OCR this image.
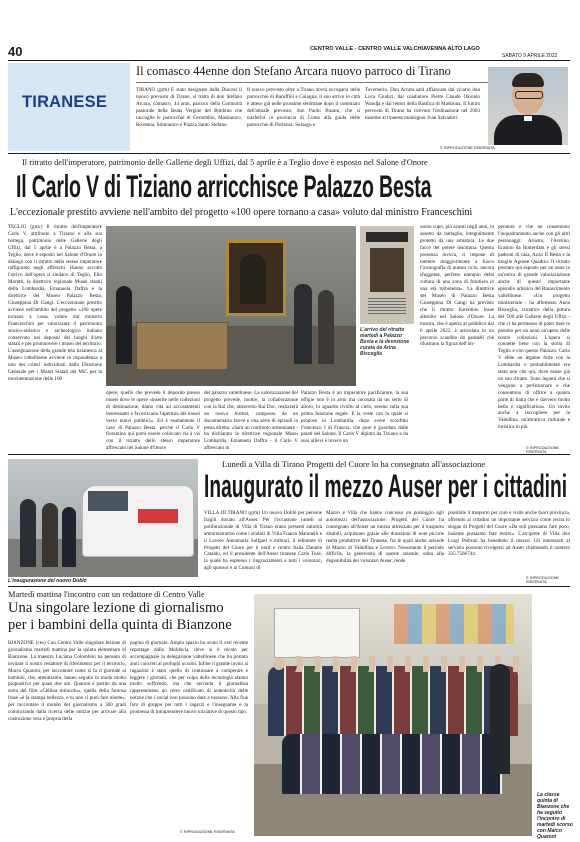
40	CENTRO VALLE - CENTRO VALLE VALCHIAVENNA ALTO LAGO
SABATO 9 APRILE 2022
TIRANESE
Il comasco 44enne don Stefano Arcara nuovo parroco di Tirano
TIRANO (grm) È stato designato dalla Diocesi il nuovo prevosto di Tirano, si tratta di don Stefano Arcara, comasco, 44 anni, parroco della Comunità pastorale della Beata Vergine del Bobbino che raccoglie le parrocchie di Cernobbio, Maslianico, Rovenna, Stimianico e Piazza Santo Stefano.
Il nuovo prevosto oltre a Tirano dovrà occuparsi delle parrocchie di Baruffini e Cologna, il suo arrivo in città è atteso già nelle prossime settimane dopo il commiato dell'attuale prevosto, don Paolo Busato, che si trasferirà in provincia di Como alla guida delle parrocchie di Porlezza, Solzago e
Tavernerio. Don Arcara sarà affiancato dal vicario don Luca Giudici, dal coadiutore Pierre Claude Okondo Wandja e dai rettori della Basilica di Madonna. Il futuro prevosto di Tirano ha ricevuto l'ordinazione nel 2003 insieme al tiranese monsignor Ivan Salvadori.
© RIPRODUZIONE RISERVATA
Il ritratto dell'imperatore, patrimonio delle Gallerie degli Uffizi, dal 5 aprile è a Teglio dove è esposto nel Salone d'Onore
Il Carlo V di Tiziano arricchisce Palazzo Besta
L'eccezionale prestito avviene nell'ambito del progetto «100 opere tornano a casa» voluto dal ministro Franceschini
TEGLIO (gmc) Il ritratto dell'imperatore Carlo V, attribuito a Tiziano e alla sua bottega, patrimonio delle Gallerie degli Uffizi, dal 5 aprile è a Palazzo Besta, a Teglio, dove è esposto nel Salone d'Onore in dialogo con il ritratto dello stesso imperatore raffigurato negli affreschi. Hanno accolto l'arrivo dell'opera il sindaco di Teglio, Elio Moretti, la direttrice regionale Musei statali della Lombardia, Emanuela Daffra e la direttrice del Museo Palazzo Besta, Giuseppina Di Gangi. L'eccezionale prestito avviene nell'ambito del progetto «100 opere tornano a casa» voluto dal ministro Franceschini per valorizzare il patrimonio storico-artistico e archeologico italiano conservato nei depositi dei luoghi d'arte statali e per promuovere i musei del territorio. L'assegnazione della grande tela tizianesca al Museo valtellinese avviene in rispondenza a uno dei criteri individuati dalla Direzione Generale per i Musei Statali del MiC per la movimentazione delle 100
opere, quello che prevede il deposito presso musei dove le opere «inserite nelle collezioni di destinazione, diano vita ad accostamenti interessanti e favoriscano l'apertura dei musei verso nuovi pubblici». Ed è esattamente il caso di Palazzo Besta, perché il Carlo V fiorentino qui potrà essere collocato vis à vis con il ritratto dello stesso imperatore affrescato nel Salone d'Onore
del palazzo valtellinese. La valorizzazione del progetto prevede, inoltre, la collaborazione con la Rai che, attraverso Rai Doc, realizzerà un nuovo format, composto da un documentario breve e una serie di episodi in presa diretta. «Sarà un confronto armoniante - ha dichiarato la direttrice regionale Musei Lombardia, Emanuela Daffra - il Carlo V affrescato in
L'arrivo del ritratto martedì a Palazzo Besta e la devozione curata da Anna Bisceglia
Palazzo Besta è un imperatore pacificatore, la sua effigie non è in armi ma coronata da un serto di alloro, lo sguardo rivolto al cielo, sereno sulla sua prima funzione regale. E la veste con la quale si propose in Lombardia, dopo avere sconfitto Francesco I di Francia, che pure è guardata dalle pareti del Salone. Il Carlo V dipinto da Tiziano e da suoi allievi è invece un
uomo cupo, più avanti negli anni, in assetto da battaglia, integralmente protetto da una armatura. Le due facce del potere insomma. Questa presenza invoca, ci impone di mettere maggiormente a fuoco l'iconografia di questo ciclo, ancora sfuggente, perfetto esempio della cultura di una zona di frontiera in una età turbolenta». La direttrice del Museo di Palazzo Besta Giuseppina Di Gangi ha previsto che il ritratto fiorentino fosse allestito nel Salone d'Onore. La mostra, che è aperta al pubblico dal 6 aprile 2022, è articolata in un percorso scandito da pannelli che illustrano la figura dell'im-
peratore e che ne consentono l'inquadramento anche con gli altri personaggi: Ariosto, l'Aretino, Erasmo da Rotterdam e gli stessi padroni di casa, Azzo II Besta e la moglie Agnese Quadrio. Il ritratto prestato qui esposto per un anno in un'ottica di grande valorizzazione anche di questo importante episodio artistico del Rinascimento valtellinese. «Un progetto ministeriale - ha affermato Anna Bisceglia, curatrice della pittura del '500 alle Gallerie degli Uffizi - che ci ha permesso di poter dare in prestito per un anno un'opera delle nostre collezioni. L'opera si connette bene con la storia di Teglio e con questo Palazzo. Carlo V ebbe un legame forte con la Lombardia e probabilmente era stato uno che qui, dove esiste già un suo ritratto. Sono legami che si vengono a perfezionare e che consentono di offrire a quanta parte di Italia che è davvero molto bella e significativa». Un invito anche a raccogliere per la Valtellina, un'attrattiva culturale e turistica in più.
© RIPRODUZIONE RISERVATA
L'inaugurazione del nuovo Doblò
Lunedì a Villa di Tirano Progetti del Cuore lo ha consegnato all'associazione
Inaugurato il mezzo Auser per i cittadini
VILLA DI TIRANO (grm) Un nuovo Doblò per persone fragili donato all'Auser. Per l'occasione lunedì al polifunzionale di Villa di Tirano erano presenti autorità amministrative come i sindaci di Villa Franco Maranelli e il Lovero Annamaria Sulfgari e militari, il referente di Progetti del Cuore per il nord e centro Italia Daniele Cataldo, ed il presidente dell'Auser tiranese Carlo Tosé, la quale ha espresso i ringraziamenti a tutti i volontari, agli sponsor e ai Comuni di
Mazzo e Villa che hanno concesso un posteggio agli automezzi dell'associazione. Progetti del Cuore ha consegnato all'Auser un mezzo attrezzato per il trasporto disabili, acquistato grazie alle donazioni di note piccole realtà produttive del Tiranese, fra le quali anche aziende di Mazzo di Valtellina e Lovero. Nonostante il periodo difficile, la generosità di queste aziende, unita alla disponibilità dei volontari Auser, rende
possibile il trasporto per cure e visite anche fuori provincia, offrendo ai cittadini un importante servizio come recita lo slogan di Progetti del Cuore «Da soli possiamo fare poco, insieme possiamo fare molto». L'arciprete di Villa don Luigi Pedroni ha benedetto il mezzo. Gli interessati al servizio possono rivolgersi ad Auser chiamando il numero 335.7566744.
© RIPRODUZIONE RISERVATA
Martedì mattina l'incontro con un redattore di Centro Valle
Una singolare lezione di giornalismo
per i bambini della quinta di Bianzone
BIANZONE (ces) Con Centro Valle singolare lezione di giornalismo martedì mattina per la quinta elementare di Bianzone. La maestra Luciana Colombini ha pensato di invitare il nostro redattore di riferimento per il territorio, Marco Quaroni, per raccontare come si fa il giornale ai bambini, che, attentissimi, hanno seguito in modo molto propositivo per quasi due ore. Quaroni è partito da una sorta del film «Cellina miracolo», quella della famosa frase «è la stampa bellezza, e tu non ci puoi fare niente», per raccontare il mondo del giornalismo a 360 gradi cominciando dalla ricerca delle notizie per arrivare alla costruzione vera e propria della
pagina di giornale. Ampio spazio ha avuto il vari recente reportage dalla Moldavia, dove si è recato per accompagnare la delegazione valtellinese che ha portato aiuti concreti ai profughi ucraini. Infine il grande invito ai ragazzini è stato quello di continuare a comperare e leggere i giornali, che per colpa della tecnologia stanno molto soffrendo, ma che secondo il giornalista rappresentano un certo certificato di autenticità delle notizie che i social non possono dare a nessuno. Alla fine foto di gruppo per tutti i ragazzi e l'insegnante e la promessa di intraprendere nuove iniziative di questo tipo.
© RIPRODUZIONE RISERVATA
La classe quinta di Bianzone che ha seguito l'incontro di martedì scorso con Marco Quaroni
